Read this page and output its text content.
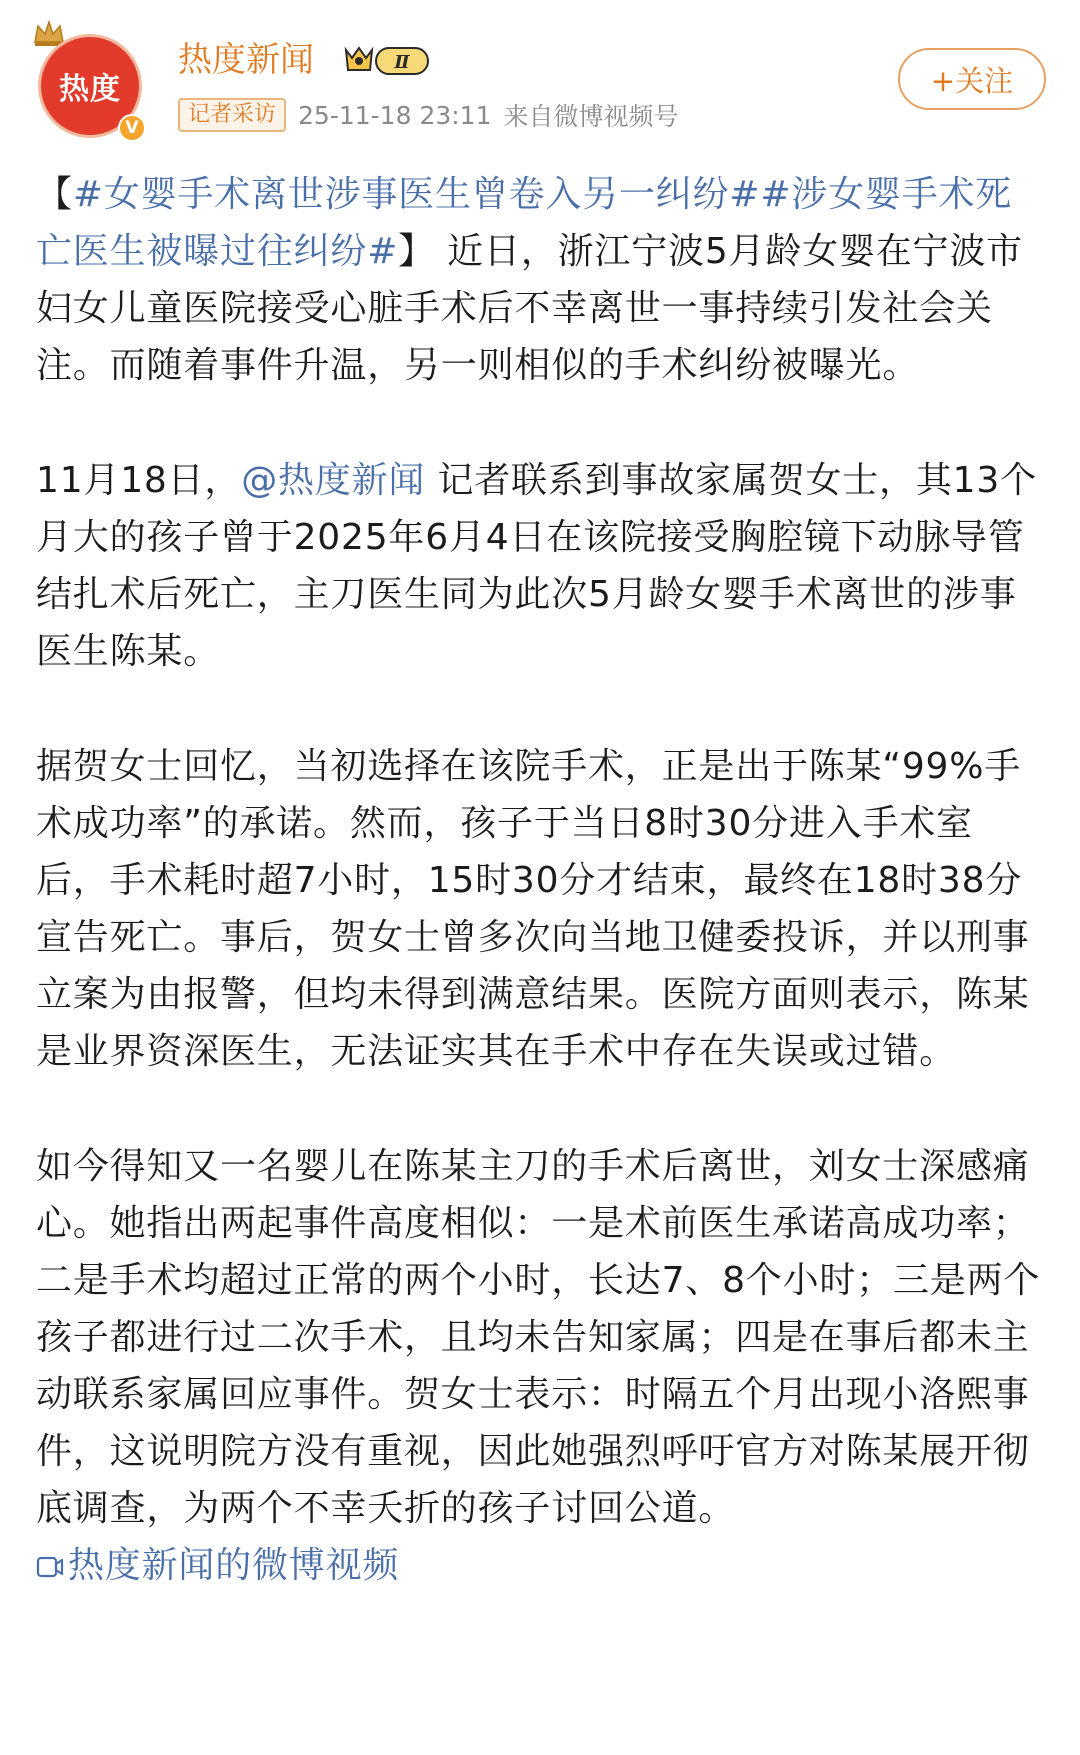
热度
V
热度新闻	Ⅱ
记者采访 25-11-18 23:11 来自微博视频号
+关注

【#女婴手术离世涉事医生曾卷入另一纠纷##涉女婴手术死亡医生被曝过往纠纷#】 近日，浙江宁波5月龄女婴在宁波市妇女儿童医院接受心脏手术后不幸离世一事持续引发社会关注。而随着事件升温，另一则相似的手术纠纷被曝光。

11月18日，@热度新闻 记者联系到事故家属贺女士，其13个月大的孩子曾于2025年6月4日在该院接受胸腔镜下动脉导管结扎术后死亡，主刀医生同为此次5月龄女婴手术离世的涉事医生陈某。

据贺女士回忆，当初选择在该院手术，正是出于陈某“99%手术成功率”的承诺。然而，孩子于当日8时30分进入手术室后，手术耗时超7小时，15时30分才结束，最终在18时38分宣告死亡。事后，贺女士曾多次向当地卫健委投诉，并以刑事立案为由报警，但均未得到满意结果。医院方面则表示，陈某是业界资深医生，无法证实其在手术中存在失误或过错。

如今得知又一名婴儿在陈某主刀的手术后离世，刘女士深感痛心。她指出两起事件高度相似：一是术前医生承诺高成功率；二是手术均超过正常的两个小时，长达7、8个小时；三是两个孩子都进行过二次手术，且均未告知家属；四是在事后都未主动联系家属回应事件。贺女士表示：时隔五个月出现小洛熙事件，这说明院方没有重视，因此她强烈呼吁官方对陈某展开彻底调查，为两个不幸夭折的孩子讨回公道。 热度新闻的微博视频
